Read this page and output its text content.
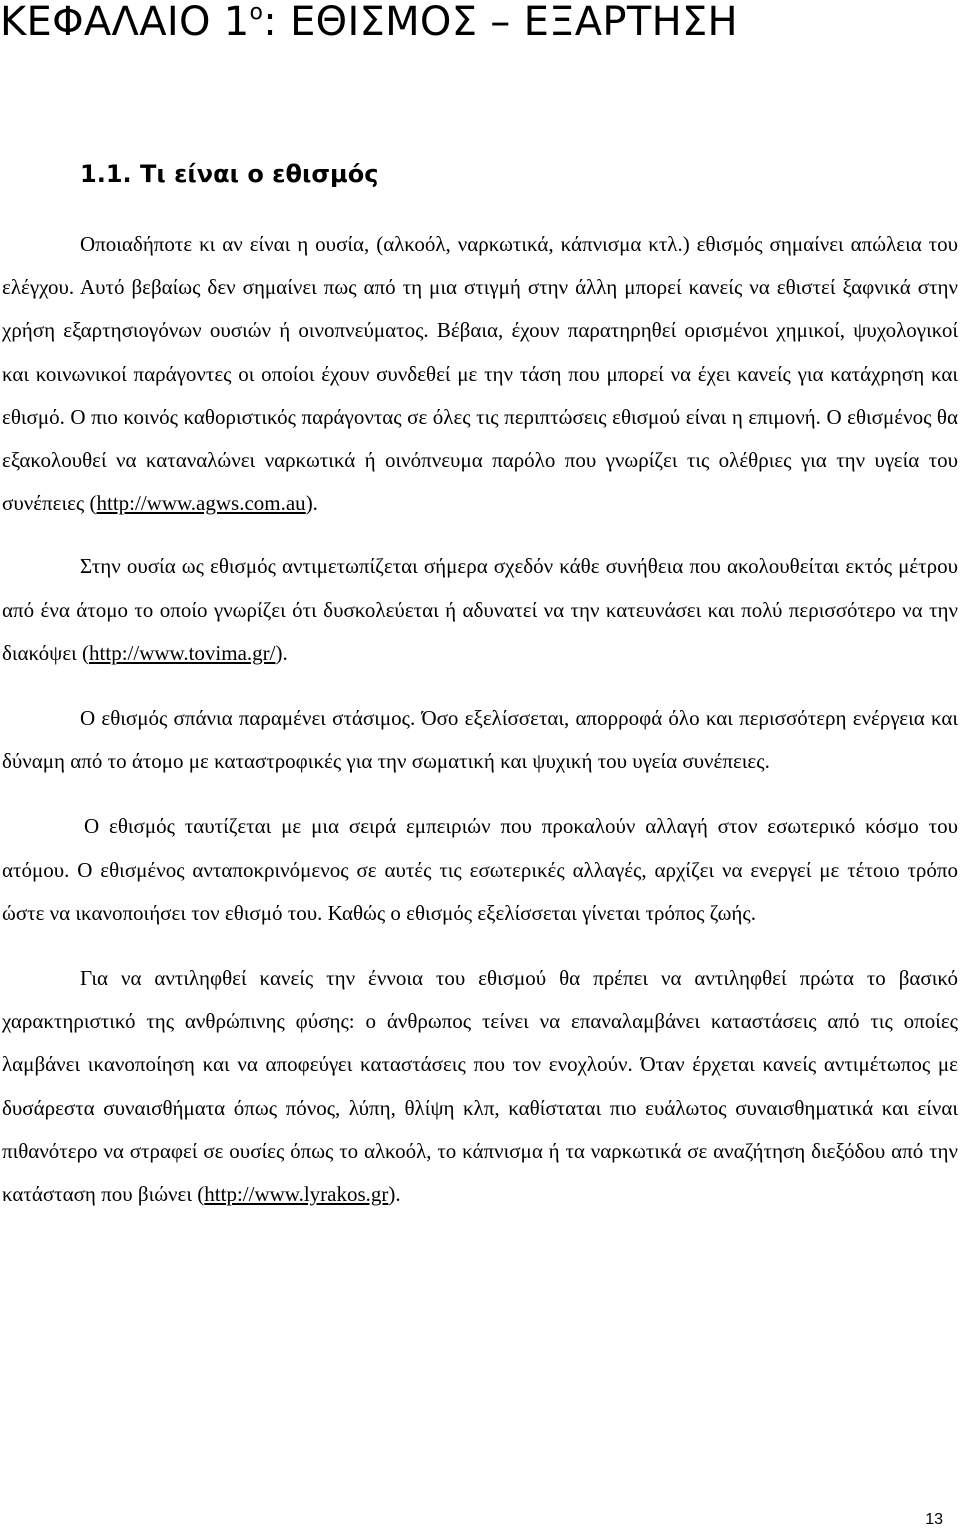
ΚΕΦΑΛΑΙΟ $1^o$: ΕΘΙΣΜΟΣ – ΕΞΑΡΤΗΣΗ
1.1. Τι είναι ο εθισμός

Οποιαδήποτε κι αν είναι η ουσία, (αλκοόλ, ναρκωτικά, κάπνισμα κτλ.) εθισμός σημαίνει απώλεια του ελέγχου. Αυτό βεβαίως δεν σημαίνει πως από τη μια στιγμή στην άλλη μπορεί κανείς να εθιστεί ξαφνικά στην χρήση εξαρτησιογόνων ουσιών ή οινοπνεύματος. Βέβαια, έχουν παρατηρηθεί ορισμένοι χημικοί, ψυχολογικοί και κοινωνικοί παράγοντες οι οποίοι έχουν συνδεθεί με την τάση που μπορεί να έχει κανείς για κατάχρηση και εθισμό. Ο πιο κοινός καθοριστικός παράγοντας σε όλες τις περιπτώσεις εθισμού είναι η επιμονή. Ο εθισμένος θα εξακολουθεί να καταναλώνει ναρκωτικά ή οινόπνευμα παρόλο που γνωρίζει τις ολέθριες για την υγεία του συνέπειες (http://www.agws.com.au).

Στην ουσία ως εθισμός αντιμετωπίζεται σήμερα σχεδόν κάθε συνήθεια που ακολουθείται εκτός μέτρου από ένα άτομο το οποίο γνωρίζει ότι δυσκολεύεται ή αδυνατεί να την κατευνάσει και πολύ περισσότερο να την διακόψει (http://www.tovima.gr/).

Ο εθισμός σπάνια παραμένει στάσιμος. Όσο εξελίσσεται, απορροφά όλο και περισσότερη ενέργεια και δύναμη από το άτομο με καταστροφικές για την σωματική και ψυχική του υγεία συνέπειες.

Ο εθισμός ταυτίζεται με μια σειρά εμπειριών που προκαλούν αλλαγή στον εσωτερικό κόσμο του ατόμου. Ο εθισμένος ανταποκρινόμενος σε αυτές τις εσωτερικές αλλαγές, αρχίζει να ενεργεί με τέτοιο τρόπο ώστε να ικανοποιήσει τον εθισμό του. Καθώς ο εθισμός εξελίσσεται γίνεται τρόπος ζωής.

Για να αντιληφθεί κανείς την έννοια του εθισμού θα πρέπει να αντιληφθεί πρώτα το βασικό χαρακτηριστικό της ανθρώπινης φύσης: ο άνθρωπος τείνει να επαναλαμβάνει καταστάσεις από τις οποίες λαμβάνει ικανοποίηση και να αποφεύγει καταστάσεις που τον ενοχλούν. Όταν έρχεται κανείς αντιμέτωπος με δυσάρεστα συναισθήματα όπως πόνος, λύπη, θλίψη κλπ, καθίσταται πιο ευάλωτος συναισθηματικά και είναι πιθανότερο να στραφεί σε ουσίες όπως το αλκοόλ, το κάπνισμα ή τα ναρκωτικά σε αναζήτηση διεξόδου από την κατάσταση που βιώνει (http://www.lyrakos.gr).

13
